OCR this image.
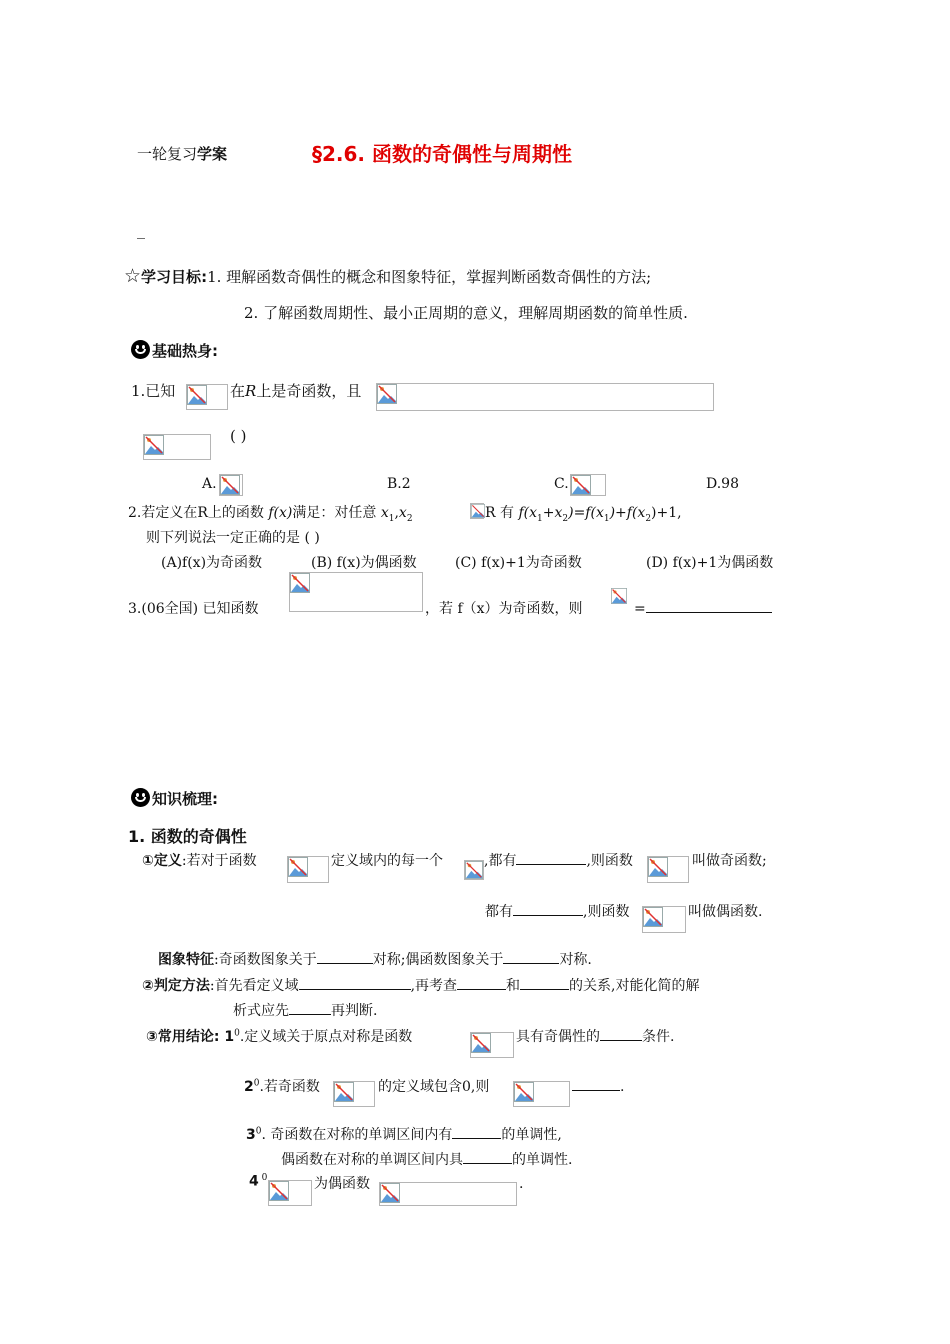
一轮复习学案	§2.6. 函数的奇偶性与周期性
_
☆学习目标:1. 理解函数奇偶性的概念和图象特征，掌握判断函数奇偶性的方法;
2. 了解函数周期性、最小正周期的意义，理解周期函数的简单性质.
基础热身:
1.已知	在R上是奇函数，且
( )
A.	B.2	C.	D.98
2.若定义在R上的函数 f(x)满足：对任意 $x_1,x_2$	R 有 $f(x_1+x_2)=f(x_1)+f(x_2)+1$,
则下列说法一定正确的是 ( )
(A)f(x)为奇函数	(B) f(x)为偶函数	(C) f(x)+1为奇函数	(D) f(x)+1为偶函数
3.(06全国) 已知函数	，若 f（x）为奇函数，则	=
知识梳理:
1. 函数的奇偶性
①定义:若对于函数	定义域内的每一个	,都有	,则函数	叫做奇函数;
都有	,则函数	叫做偶函数.
图象特征:奇函数图象关于	对称;偶函数图象关于	对称.
②判定方法:首先看定义域	,再考查	和	的关系,对能化简的解
析式应先	再判断.
③常用结论: $1^0$.定义域关于原点对称是函数	具有奇偶性的	条件.
$2^0$.若奇函数	的定义域包含0,则	.
$3^0$. 奇函数在对称的单调区间内有	的单调性,
偶函数在对称的单调区间内具	的单调性.
4 $^0$	为偶函数	.
